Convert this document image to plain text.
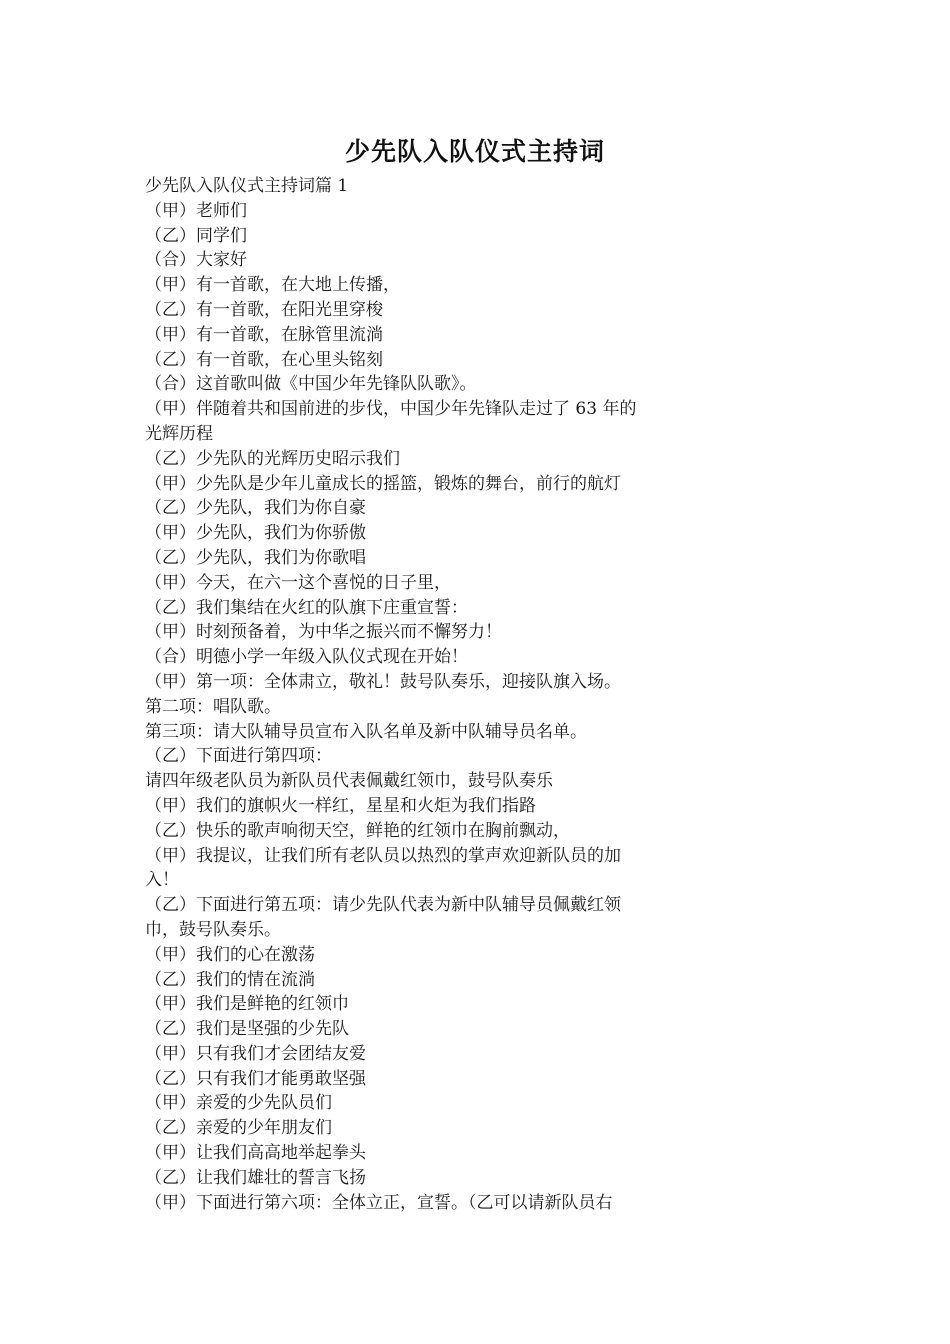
少先队入队仪式主持词
少先队入队仪式主持词篇 1
（甲）老师们
（乙）同学们
（合）大家好
（甲）有一首歌，在大地上传播，
（乙）有一首歌，在阳光里穿梭
（甲）有一首歌，在脉管里流淌
（乙）有一首歌，在心里头铭刻
（合）这首歌叫做《中国少年先锋队队歌》。
（甲）伴随着共和国前进的步伐，中国少年先锋队走过了 63 年的
光辉历程
（乙）少先队的光辉历史昭示我们
（甲）少先队是少年儿童成长的摇篮，锻炼的舞台，前行的航灯
（乙）少先队，我们为你自豪
（甲）少先队，我们为你骄傲
（乙）少先队，我们为你歌唱
（甲）今天，在六一这个喜悦的日子里，
（乙）我们集结在火红的队旗下庄重宣誓：
（甲）时刻预备着，为中华之振兴而不懈努力！
（合）明德小学一年级入队仪式现在开始！
（甲）第一项：全体肃立，敬礼！鼓号队奏乐，迎接队旗入场。
第二项：唱队歌。
第三项：请大队辅导员宣布入队名单及新中队辅导员名单。
（乙）下面进行第四项：
请四年级老队员为新队员代表佩戴红领巾，鼓号队奏乐
（甲）我们的旗帜火一样红，星星和火炬为我们指路
（乙）快乐的歌声响彻天空，鲜艳的红领巾在胸前飘动，
（甲）我提议，让我们所有老队员以热烈的掌声欢迎新队员的加
入！
（乙）下面进行第五项：请少先队代表为新中队辅导员佩戴红领
巾，鼓号队奏乐。
（甲）我们的心在激荡
（乙）我们的情在流淌
（甲）我们是鲜艳的红领巾
（乙）我们是坚强的少先队
（甲）只有我们才会团结友爱
（乙）只有我们才能勇敢坚强
（甲）亲爱的少先队员们
（乙）亲爱的少年朋友们
（甲）让我们高高地举起拳头
（乙）让我们雄壮的誓言飞扬
（甲）下面进行第六项：全体立正，宣誓。（乙可以请新队员右
